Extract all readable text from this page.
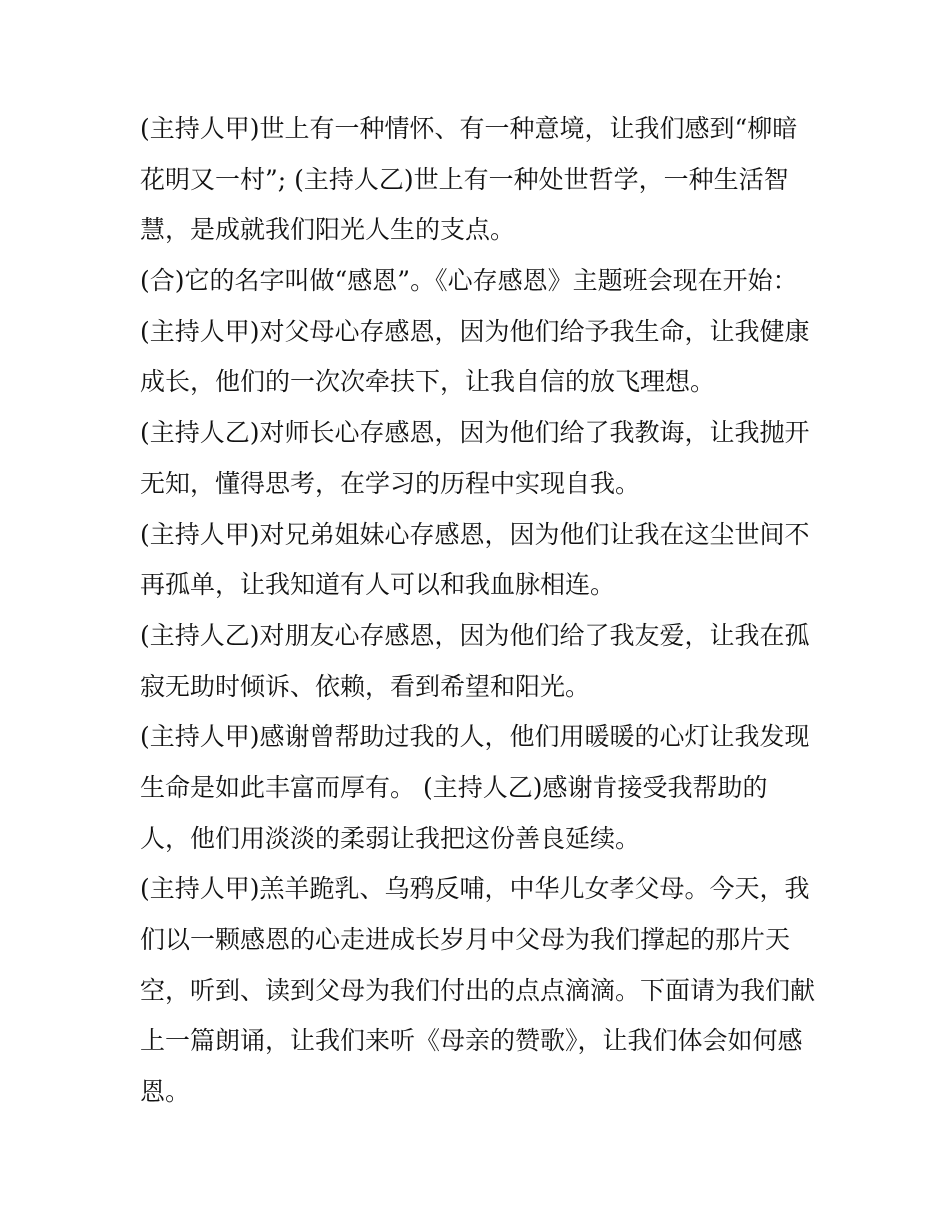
(主持人甲)世上有一种情怀、有一种意境，让我们感到“柳暗
花明又一村”; (主持人乙)世上有一种处世哲学，一种生活智
慧，是成就我们阳光人生的支点。
(合)它的名字叫做“感恩”。《心存感恩》主题班会现在开始：
(主持人甲)对父母心存感恩，因为他们给予我生命，让我健康
成长，他们的一次次牵扶下，让我自信的放飞理想。
(主持人乙)对师长心存感恩，因为他们给了我教诲，让我抛开
无知，懂得思考，在学习的历程中实现自我。
(主持人甲)对兄弟姐妹心存感恩，因为他们让我在这尘世间不
再孤单，让我知道有人可以和我血脉相连。
(主持人乙)对朋友心存感恩，因为他们给了我友爱，让我在孤
寂无助时倾诉、依赖，看到希望和阳光。
(主持人甲)感谢曾帮助过我的人，他们用暖暖的心灯让我发现
生命是如此丰富而厚有。 (主持人乙)感谢肯接受我帮助的
人，他们用淡淡的柔弱让我把这份善良延续。
(主持人甲)羔羊跪乳、乌鸦反哺，中华儿女孝父母。今天，我
们以一颗感恩的心走进成长岁月中父母为我们撑起的那片天
空，听到、读到父母为我们付出的点点滴滴。下面请为我们献
上一篇朗诵，让我们来听《母亲的赞歌》，让我们体会如何感
恩。
